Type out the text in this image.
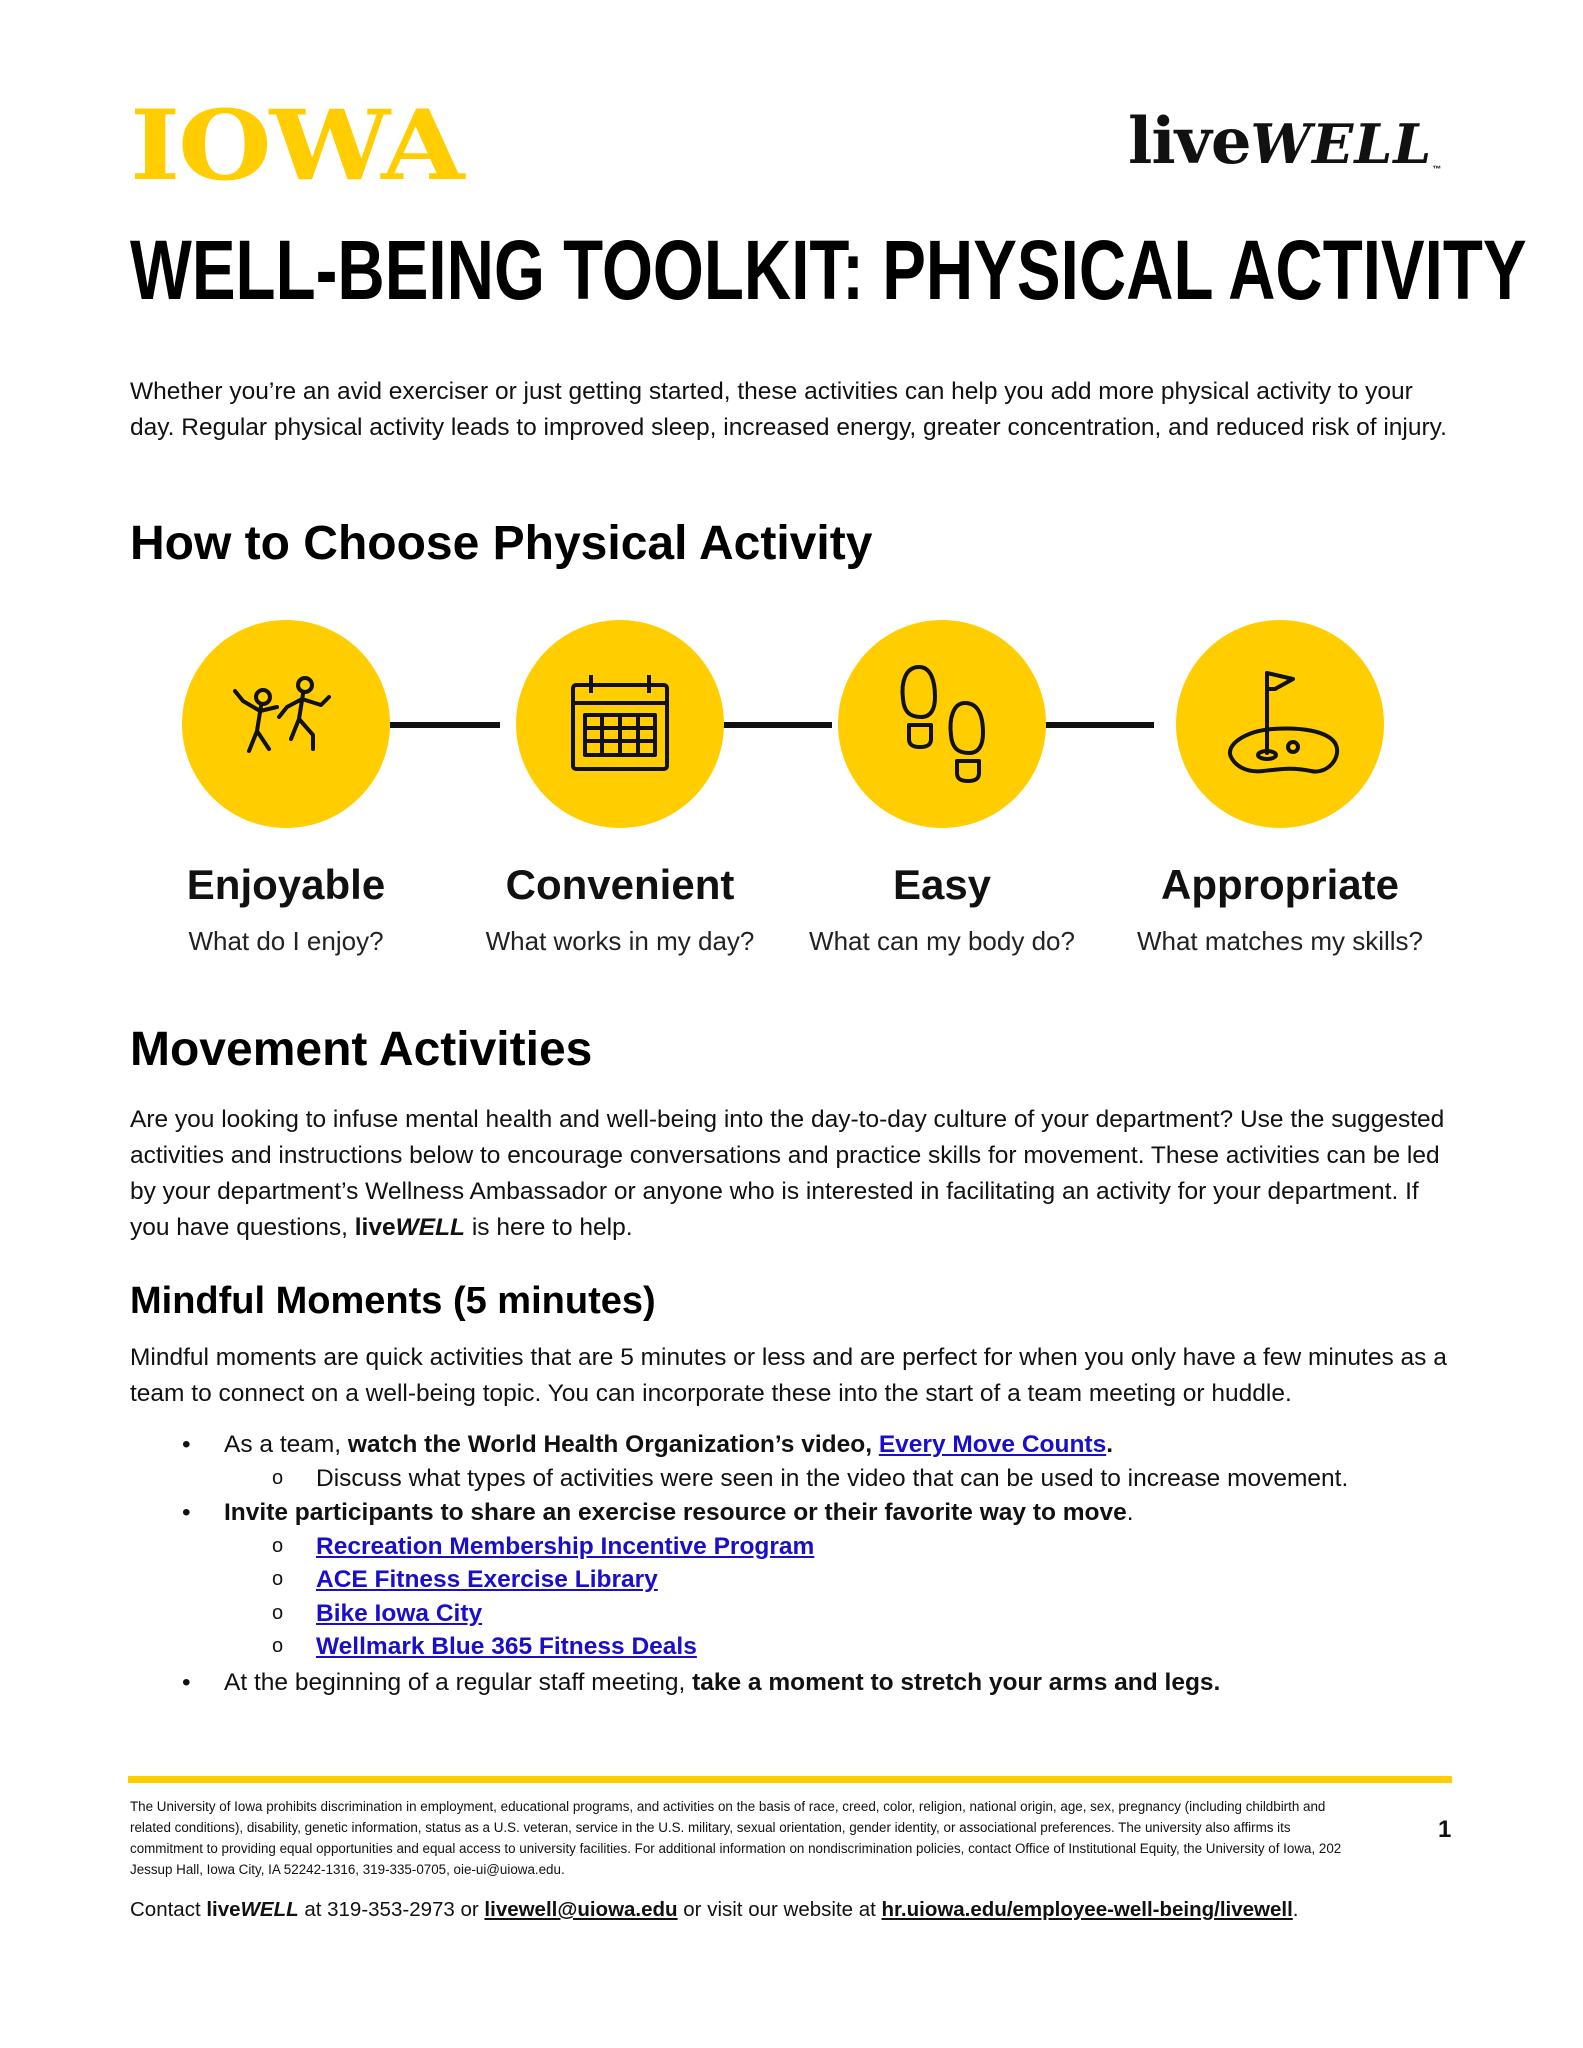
IOWA	liveWELL™
WELL-BEING TOOLKIT: PHYSICAL ACTIVITY

Whether you’re an avid exerciser or just getting started, these activities can help you add more physical activity to your day. Regular physical activity leads to improved sleep, increased energy, greater concentration, and reduced risk of injury.

How to Choose Physical Activity
Enjoyable
What do I enjoy?
Convenient
What works in my day?
Easy
What can my body do?
Appropriate
What matches my skills?
Movement Activities

Are you looking to infuse mental health and well-being into the day-to-day culture of your department? Use the suggested activities and instructions below to encourage conversations and practice skills for movement. These activities can be led by your department’s Wellness Ambassador or anyone who is interested in facilitating an activity for your department. If you have questions, liveWELL is here to help.

Mindful Moments (5 minutes)

Mindful moments are quick activities that are 5 minutes or less and are perfect for when you only have a few minutes as a team to connect on a well-being topic. You can incorporate these into the start of a team meeting or huddle.

• As a team, watch the World Health Organization’s video, Every Move Counts.
o Discuss what types of activities were seen in the video that can be used to increase movement.
• Invite participants to share an exercise resource or their favorite way to move.
o Recreation Membership Incentive Program
o ACE Fitness Exercise Library
o Bike Iowa City
o Wellmark Blue 365 Fitness Deals
• At the beginning of a regular staff meeting, take a moment to stretch your arms and legs.

The University of Iowa prohibits discrimination in employment, educational programs, and activities on the basis of race, creed, color, religion, national origin, age, sex, pregnancy (including childbirth and related conditions), disability, genetic information, status as a U.S. veteran, service in the U.S. military, sexual orientation, gender identity, or associational preferences. The university also affirms its commitment to providing equal opportunities and equal access to university facilities. For additional information on nondiscrimination policies, contact Office of Institutional Equity, the University of Iowa, 202 Jessup Hall, Iowa City, IA 52242-1316, 319-335-0705, oie-ui@uiowa.edu.

1

Contact liveWELL at 319-353-2973 or livewell@uiowa.edu or visit our website at hr.uiowa.edu/employee-well-being/livewell.
